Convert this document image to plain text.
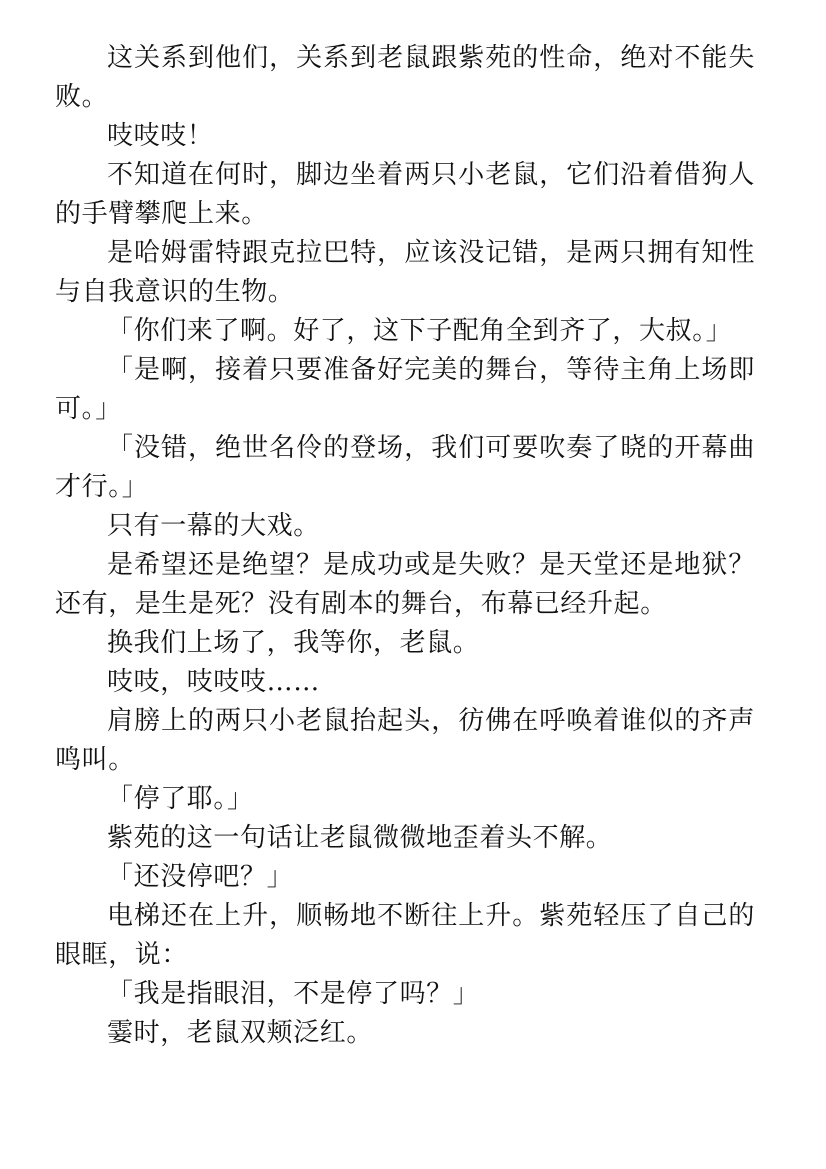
这关系到他们，关系到老鼠跟紫苑的性命，绝对不能失败。

吱吱吱！

不知道在何时，脚边坐着两只小老鼠，它们沿着借狗人的手臂攀爬上来。

是哈姆雷特跟克拉巴特，应该没记错，是两只拥有知性与自我意识的生物。

「你们来了啊。好了，这下子配角全到齐了，大叔。」

「是啊，接着只要准备好完美的舞台，等待主角上场即可。」

「没错，绝世名伶的登场，我们可要吹奏了晓的开幕曲才行。」

只有一幕的大戏。

是希望还是绝望？是成功或是失败？是天堂还是地狱？还有，是生是死？没有剧本的舞台，布幕已经升起。

换我们上场了，我等你，老鼠。

吱吱，吱吱吱……

肩膀上的两只小老鼠抬起头，彷佛在呼唤着谁似的齐声鸣叫。

「停了耶。」

紫苑的这一句话让老鼠微微地歪着头不解。

「还没停吧？」

电梯还在上升，顺畅地不断往上升。紫苑轻压了自己的眼眶，说：

「我是指眼泪，不是停了吗？」

霎时，老鼠双颊泛红。
